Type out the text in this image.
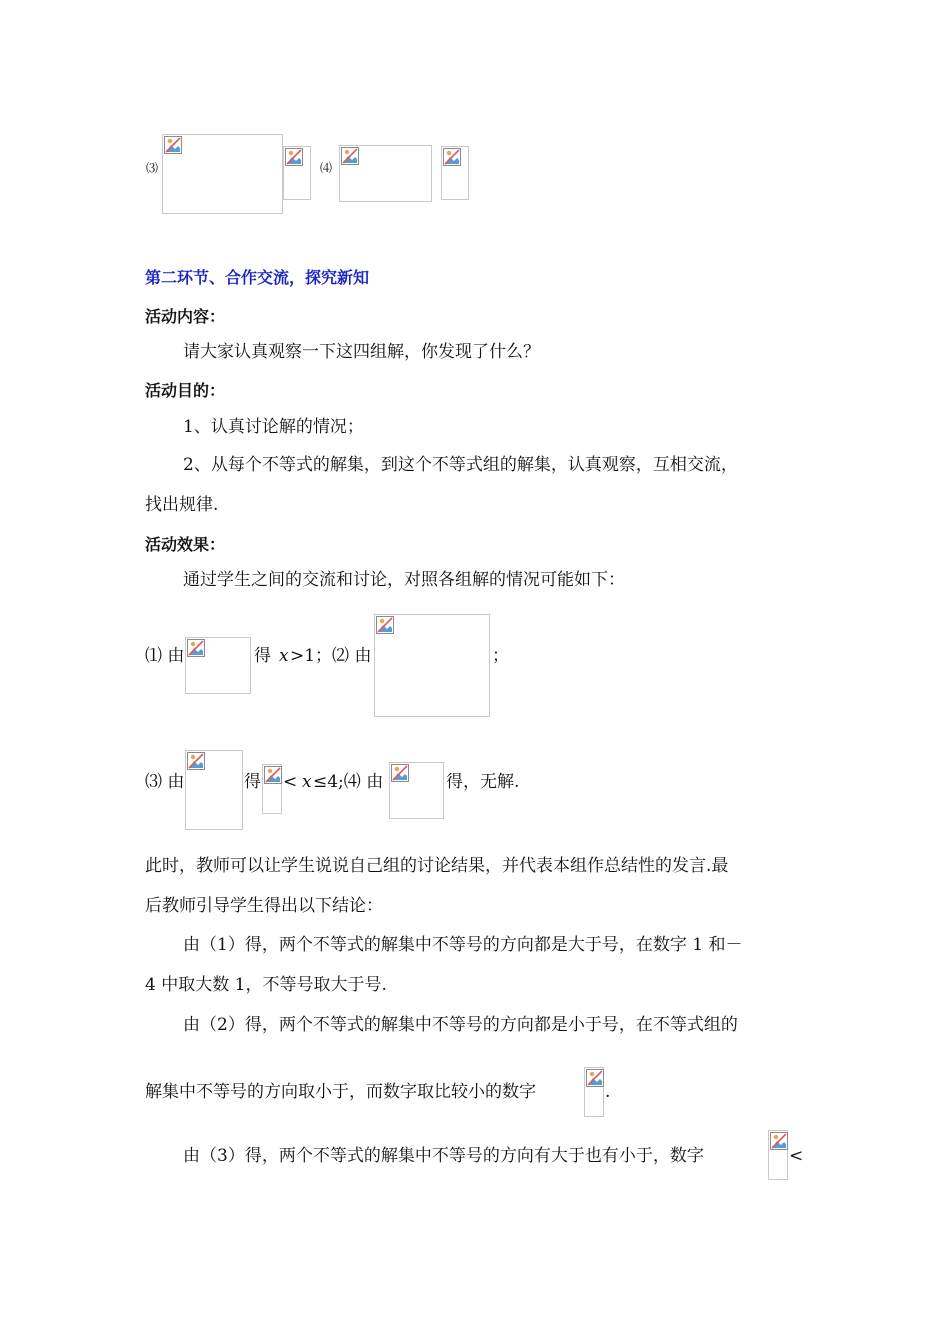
⑶	⑷
第二环节、合作交流，探究新知
活动内容：
请大家认真观察一下这四组解，你发现了什么？
活动目的：
1、认真讨论解的情况；
2、从每个不等式的解集，到这个不等式组的解集，认真观察，互相交流，
找出规律.
活动效果：
通过学生之间的交流和讨论，对照各组解的情况可能如下：
⑴ 由	得 x >1；⑵ 由	；
⑶ 由	得 < x ≤4;⑷ 由	得，无解.
此时，教师可以让学生说说自己组的讨论结果，并代表本组作总结性的发言.最
后教师引导学生得出以下结论：
由（1）得，两个不等式的解集中不等号的方向都是大于号，在数字 1 和－
4 中取大数 1，不等号取大于号.
由（2）得，两个不等式的解集中不等号的方向都是小于号，在不等式组的
解集中不等号的方向取小于，而数字取比较小的数字	.
由（3）得，两个不等式的解集中不等号的方向有大于也有小于，数字	<
